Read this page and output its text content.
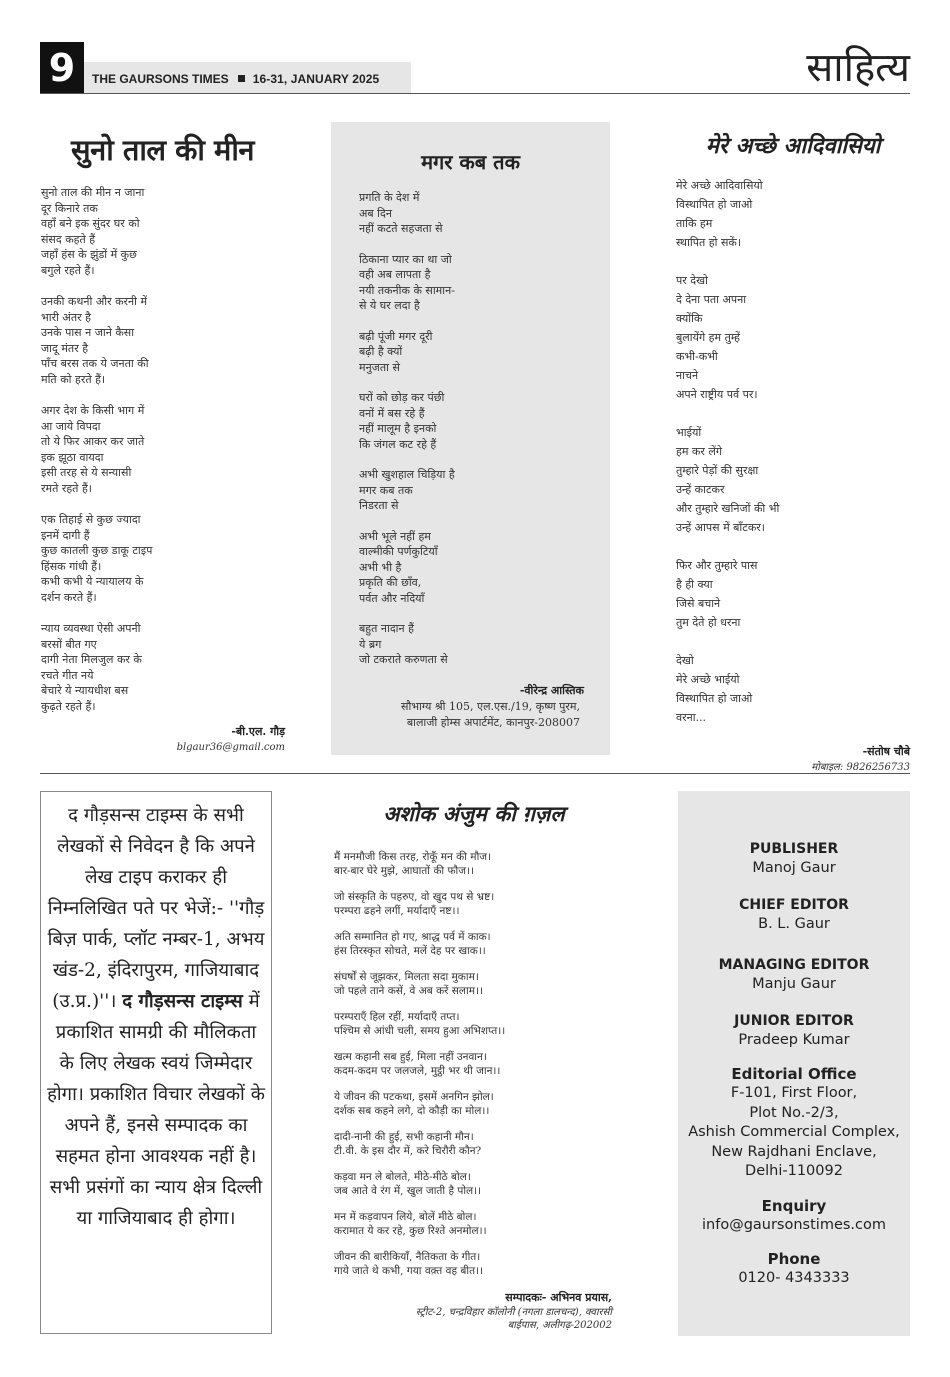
9	THE GAURSONS TIMES 16-31, JANUARY 2025	साहित्य
सुनो ताल की मीन
सुनो ताल की मीन न जाना
दूर किनारे तक
वहाँ बने इक सुंदर घर को
संसद कहते हैं
जहाँ हंस के झुंडों में कुछ
बगुले रहते हैं।
उनकी कथनी और करनी में
भारी अंतर है
उनके पास न जाने कैसा
जादू मंतर है
पाँच बरस तक ये जनता की
मति को हरते हैं।
अगर देश के किसी भाग में
आ जाये विपदा
तो ये फिर आकर कर जाते
इक झूठा वायदा
इसी तरह से ये सन्यासी
रमते रहते हैं।
एक तिहाई से कुछ ज्यादा
इनमें दागी हैं
कुछ कातली कुछ डाकू टाइप
हिंसक गांधी हैं।
कभी कभी ये न्यायालय के
दर्शन करते हैं।
न्याय व्यवस्था ऐसी अपनी
बरसों बीत गए
दागी नेता मिलजुल कर के
रचते गीत नये
बेचारे ये न्यायधीश बस
कुढ़ते रहते हैं।
-बी.एल. गौड़
blgaur36@gmail.com
मगर कब तक
प्रगति के देश में
अब दिन
नहीं कटते सहजता से
ठिकाना प्यार का था जो
वही अब लापता है
नयी तकनीक के सामान-
से ये घर लदा है
बढ़ी पूंजी मगर दूरी
बढ़ी है क्यों
मनुजता से
घरों को छोड़ कर पंछी
वनों में बस रहे हैं
नहीं मालूम है इनको
कि जंगल कट रहे हैं
अभी खुशहाल चिड़िया है
मगर कब तक
निडरता से
अभी भूले नहीं हम
वाल्मीकी पर्णकुटियाँ
अभी भी है
प्रकृति की छाँव,
पर्वत और नदियाँ
बहुत नादान हैं
ये ब्रग
जो टकराते करुणता से
-वीरेन्द्र आस्तिक
सौभाग्य श्री 105, एल.एस./19, कृष्ण पुरम,
बालाजी होम्स अपार्टमेंट, कानपुर-208007
मेरे अच्छे आदिवासियो
मेरे अच्छे आदिवासियो
विस्थापित हो जाओ
ताकि हम
स्थापित हो सकें।
पर देखो
दे देना पता अपना
क्योंकि
बुलायेंगे हम तुम्हें
कभी-कभी
नाचने
अपने राष्ट्रीय पर्व पर।
भाईयों
हम कर लेंगे
तुम्हारे पेड़ों की सुरक्षा
उन्हें काटकर
और तुम्हारे खनिजों की भी
उन्हें आपस में बाँटकर।
फिर और तुम्हारे पास
है ही क्या
जिसे बचाने
तुम देते हो धरना
देखो
मेरे अच्छे भाईयो
विस्थापित हो जाओ
वरना...
-संतोष चौबे
मोबाइल: 9826256733
द गौड़सन्स टाइम्स के सभी लेखकों से निवेदन है कि अपने लेख टाइप कराकर ही निम्नलिखित पते पर भेजें:- ''गौड़ बिज़ पार्क, प्लॉट नम्बर-1, अभय खंड-2, इंदिरापुरम, गाजियाबाद (उ.प्र.)''। द गौड़सन्स टाइम्स में प्रकाशित सामग्री की मौलिकता के लिए लेखक स्वयं जिम्मेदार होगा। प्रकाशित विचार लेखकों के अपने हैं, इनसे सम्पादक का सहमत होना आवश्यक नहीं है। सभी प्रसंगों का न्याय क्षेत्र दिल्ली या गाजियाबाद ही होगा।
अशोक अंजुम की ग़ज़ल
मैं मनमौजी किस तरह, रोकूँ मन की मौज।
बार-बार घेरे मुझे, आघातों की फौज।।
जो संस्कृति के पहरुए, वो खुद पथ से भ्रष्ट।
परम्परा ढहने लगीं, मर्यादाएँ नष्ट।।
अति सम्मानित हो गए, श्राद्ध पर्व में काक।
हंस तिरस्कृत सोचते, मलें देह पर खाक।।
संघर्षों से जूझकर, मिलता सदा मुकाम।
जो पहले ताने कसें, वे अब करें सलाम।।
परम्पराएँ हिल रहीं, मर्यादाएँ तप्त।
पश्चिम से आंधी चली, समय हुआ अभिशप्त।।
खत्म कहानी सब हुई, मिला नहीं उनवान।
कदम-कदम पर जलजले, मुट्ठी भर थी जान।।
ये जीवन की पटकथा, इसमें अनगिन झोल।
दर्शक सब कहने लगे, दो कौड़ी का मोल।।
दादी-नानी की हुई, सभी कहानी मौन।
टी.वी. के इस दौर में, करे चिरौरी कौन?
कड़वा मन ले बोलते, मीठे-मीठे बोल।
जब आते वे रंग में, खुल जाती है पोल।।
मन में कड़वापन लिये, बोलें मीठे बोल।
करामात ये कर रहे, कुछ रिश्ते अनमोल।।
जीवन की बारीकियाँ, नैतिकता के गीत।
गाये जाते थे कभी, गया वक़्त वह बीत।।
सम्पादकः- अभिनव प्रयास,
स्ट्रीट-2, चन्द्रविहार कॉलोनी (नगला डालचन्द), क्वारसी
बाईपास, अलीगढ़-202002
PUBLISHER
Manoj Gaur
CHIEF EDITOR
B. L. Gaur
MANAGING EDITOR
Manju Gaur
JUNIOR EDITOR
Pradeep Kumar
Editorial Office
F-101, First Floor,
Plot No.-2/3,
Ashish Commercial Complex,
New Rajdhani Enclave,
Delhi-110092
Enquiry
info@gaursonstimes.com
Phone
0120- 4343333
